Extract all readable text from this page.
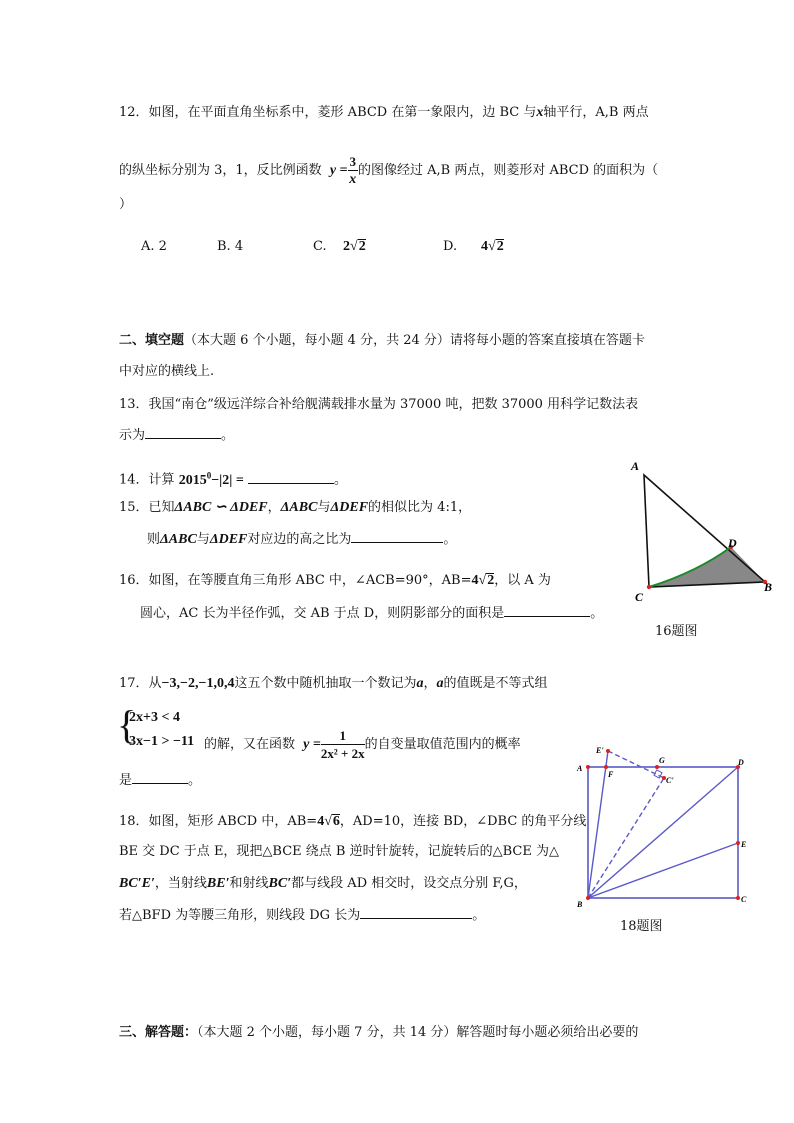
12．如图，在平面直角坐标系中，菱形 ABCD 在第一象限内，边 BC 与x轴平行，A,B 两点
的纵坐标分别为 3，1，反比例函数 $y = \frac{3}{x}$ 的图像经过 A,B 两点，则菱形对 ABCD 的面积为（
）
A. 2	B. 4	C. 2√2	D. 4√2
二、填空题（本大题 6 个小题，每小题 4 分，共 24 分）请将每小题的答案直接填在答题卡
中对应的横线上.
13．我国“南仓”级远洋综合补给舰满载排水量为 37000 吨，把数 37000 用科学记数法表
示为	。
14．计算 $2015^0-|2|$ =	。
15．已知ΔABC ∽ ΔDEF，ΔABC与ΔDEF的相似比为 4:1，
则ΔABC与ΔDEF对应边的高之比为	。
16．如图，在等腰直角三角形 ABC 中，∠ACB=90°，AB=4√2，以 A 为
圆心，AC 长为半径作弧，交 AB 于点 D，则阴影部分的面积是	。
A
D
C
B
16题图
17．从−3,−2,−1,0,4这五个数中随机抽取一个数记为a，a的值既是不等式组
{
2x+3 < 4
3x−1 > −11 的解，又在函数 $y = \frac{1}{\text{2x² + 2x}}$ 的自变量取值范围内的概率
是	。
18．如图，矩形 ABCD 中，AB=4√6，AD=10，连接 BD，∠DBC 的角平分线
BE 交 DC 于点 E，现把△BCE 绕点 B 逆时针旋转，记旋转后的△BCE 为△
BC′E′，当射线BE′和射线BC′都与线段 AD 相交时，设交点分别 F,G，
若△BFD 为等腰三角形，则线段 DG 长为	。
A
D
B
C
E
F
G
E'
C'
18题图
三、解答题：（本大题 2 个小题，每小题 7 分，共 14 分）解答题时每小题必须给出必要的
